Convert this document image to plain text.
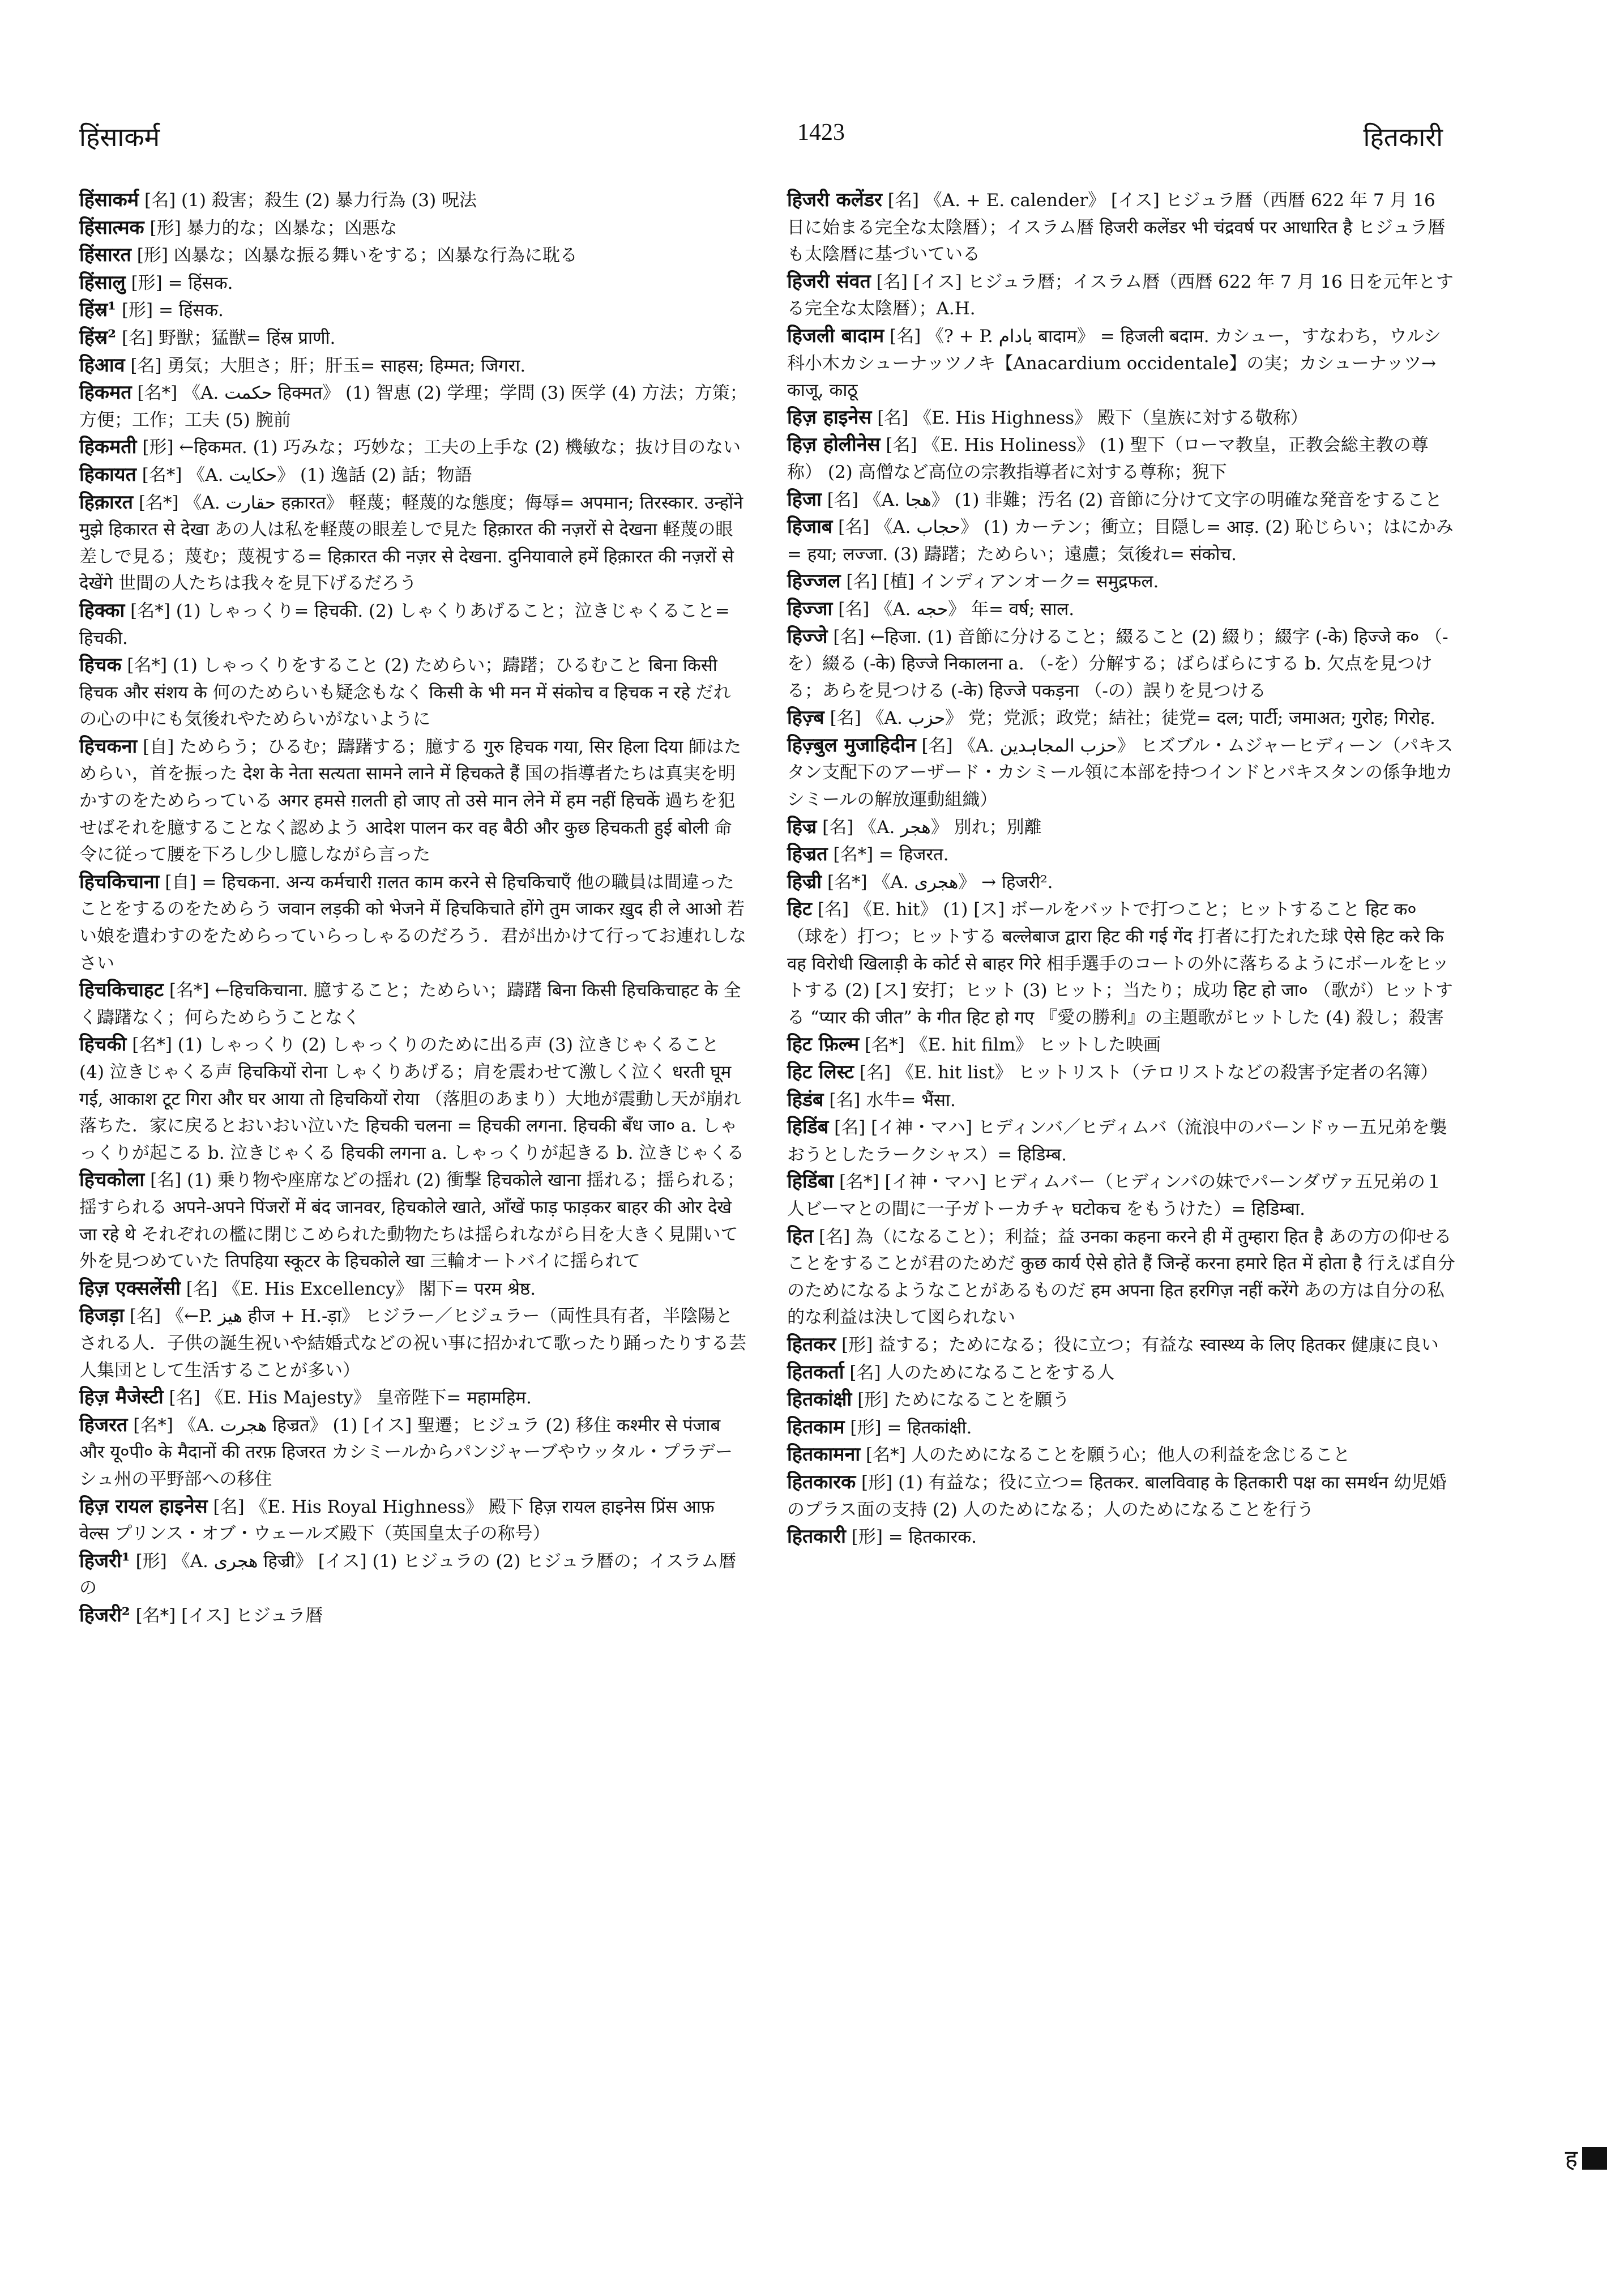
हिंसाकर्म	1423	हितकारी

हिंसाकर्म [名] (1) 殺害；殺生 (2) 暴力行為 (3) 呪法

हिंसात्मक [形] 暴力的な；凶暴な；凶悪な

हिंसारत [形] 凶暴な；凶暴な振る舞いをする；凶暴な行為に耽る

हिंसालु [形] = हिंसक.

हिंस्र¹ [形] = हिंसक.

हिंस्र² [名] 野獣；猛獣= हिंस्र प्राणी.

हिआव [名] 勇気；大胆さ；肝；肝玉= साहस; हिम्मत; जिगरा.

हिकमत [名*] 《A. حکمت हिक्मत》 (1) 智恵 (2) 学理；学問 (3) 医学 (4) 方法；方策；方便；工作；工夫 (5) 腕前

हिकमती [形] ←हिकमत. (1) 巧みな；巧妙な；工夫の上手な (2) 機敏な；抜け目のない

हिकायत [名*] 《A. حکایت》 (1) 逸話 (2) 話；物語

हिक़ारत [名*] 《A. حقارت हक़ारत》 軽蔑；軽蔑的な態度；侮辱= अपमान; तिरस्कार. उन्होंने मुझे हिकारत से देखा あの人は私を軽蔑の眼差しで見た हिक़ारत की नज़रों से देखना 軽蔑の眼差しで見る；蔑む；蔑視する= हिक़ारत की नज़र से देखना. दुनियावाले हमें हिक़ारत की नज़रों से देखेंगे 世間の人たちは我々を見下げるだろう

हिक्का [名*] (1) しゃっくり= हिचकी. (2) しゃくりあげること；泣きじゃくること= हिचकी.

हिचक [名*] (1) しゃっくりをすること (2) ためらい；躊躇；ひるむこと बिना किसी हिचक और संशय के 何のためらいも疑念もなく किसी के भी मन में संकोच व हिचक न रहे だれの心の中にも気後れやためらいがないように

हिचकना [自] ためらう；ひるむ；躊躇する；臆する गुरु हिचक गया, सिर हिला दिया 師はためらい，首を振った देश के नेता सत्यता सामने लाने में हिचकते हैं 国の指導者たちは真実を明かすのをためらっている अगर हमसे ग़लती हो जाए तो उसे मान लेने में हम नहीं हिचकें 過ちを犯せばそれを臆することなく認めよう आदेश पालन कर वह बैठी और कुछ हिचकती हुई बोली 命令に従って腰を下ろし少し臆しながら言った

हिचकिचाना [自] = हिचकना. अन्य कर्मचारी ग़लत काम करने से हिचकिचाएँ 他の職員は間違ったことをするのをためらう जवान लड़की को भेजने में हिचकिचाते होंगे तुम जाकर ख़ुद ही ले आओ 若い娘を遣わすのをためらっていらっしゃるのだろう．君が出かけて行ってお連れしなさい

हिचकिचाहट [名*] ←हिचकिचाना. 臆すること；ためらい；躊躇 बिना किसी हिचकिचाहट के 全く躊躇なく；何らためらうことなく

हिचकी [名*] (1) しゃっくり (2) しゃっくりのために出る声 (3) 泣きじゃくること (4) 泣きじゃくる声 हिचकियों रोना しゃくりあげる；肩を震わせて激しく泣く धरती घूम गई, आकाश टूट गिरा और घर आया तो हिचकियों रोया （落胆のあまり）大地が震動し天が崩れ落ちた．家に戻るとおいおい泣いた हिचकी चलना = हिचकी लगना. हिचकी बँध जा० a. しゃっくりが起こる b. 泣きじゃくる हिचकी लगना a. しゃっくりが起きる b. 泣きじゃくる

हिचकोला [名] (1) 乗り物や座席などの揺れ (2) 衝撃 हिचकोले खाना 揺れる；揺られる；揺すられる अपने-अपने पिंजरों में बंद जानवर, हिचकोले खाते, आँखें फाड़ फाड़कर बाहर की ओर देखे जा रहे थे それぞれの檻に閉じこめられた動物たちは揺られながら目を大きく見開いて外を見つめていた तिपहिया स्कूटर के हिचकोले खा 三輪オートバイに揺られて

हिज़ एक्सलेंसी [名] 《E. His Excellency》 閣下= परम श्रेष्ठ.

हिजड़ा [名] 《←P. هيز हीज + H.-ड़ा》 ヒジラー／ヒジュラー（両性具有者，半陰陽とされる人．子供の誕生祝いや結婚式などの祝い事に招かれて歌ったり踊ったりする芸人集団として生活することが多い）

हिज़ मैजेस्टी [名] 《E. His Majesty》 皇帝陛下= महामहिम.

हिजरत [名*] 《A. هجرت हिज्रत》 (1) [イス] 聖遷；ヒジュラ (2) 移住 कश्मीर से पंजाब और यू०पी० के मैदानों की तरफ़ हिजरत カシミールからパンジャーブやウッタル・プラデーシュ州の平野部への移住

हिज़ रायल हाइनेस [名] 《E. His Royal Highness》 殿下 हिज़ रायल हाइनेस प्रिंस आफ़ वेल्स プリンス・オブ・ウェールズ殿下（英国皇太子の称号）

हिजरी¹ [形] 《A. هجری हिज्री》 [イス] (1) ヒジュラの (2) ヒジュラ暦の；イスラム暦の

हिजरी² [名*] [イス] ヒジュラ暦

हिजरी कलेंडर [名] 《A. + E. calender》 [イス] ヒジュラ暦（西暦 622 年 7 月 16 日に始まる完全な太陰暦）；イスラム暦 हिजरी कलेंडर भी चंद्रवर्ष पर आधारित है ヒジュラ暦も太陰暦に基づいている

हिजरी संवत [名] [イス] ヒジュラ暦；イスラム暦（西暦 622 年 7 月 16 日を元年とする完全な太陰暦）；A.H.

हिजली बादाम [名] 《? + P. بادام बादाम》 = हिजली बदाम. カシュー，すなわち，ウルシ科小木カシューナッツノキ【Anacardium occidentale】の実；カシューナッツ→ काजू, काठू

हिज़ हाइनेस [名] 《E. His Highness》 殿下（皇族に対する敬称）

हिज़ होलीनेस [名] 《E. His Holiness》 (1) 聖下（ローマ教皇，正教会総主教の尊称） (2) 高僧など高位の宗教指導者に対する尊称；猊下

हिजा [名] 《A. هجا》 (1) 非難；汚名 (2) 音節に分けて文字の明確な発音をすること

हिजाब [名] 《A. حجاب》 (1) カーテン；衝立；目隠し= आड़. (2) 恥じらい；はにかみ= हया; लज्जा. (3) 躊躇；ためらい；遠慮；気後れ= संकोच.

हिज्जल [名] [植] インディアンオーク= समुद्रफल.

हिज्जा [名] 《A. حجه》 年= वर्ष; साल.

हिज्जे [名] ←हिजा. (1) 音節に分けること；綴ること (2) 綴り；綴字 (-के) हिज्जे क० （-を）綴る (-के) हिज्जे निकालना a. （-を）分解する；ばらばらにする b. 欠点を見つける；あらを見つける (-के) हिज्जे पकड़ना （-の）誤りを見つける

हिज़्ब [名] 《A. حزب》 党；党派；政党；結社；徒党= दल; पार्टी; जमाअत; गुरोह; गिरोह.

हिज़्बुल मुजाहिदीन [名] 《A. حزب المجاہدین》 ヒズブル・ムジャーヒディーン（パキスタン支配下のアーザード・カシミール領に本部を持つインドとパキスタンの係争地カシミールの解放運動組織）

हिज्र [名] 《A. هجر》 別れ；別離

हिज्रत [名*] = हिजरत.

हिज्री [名*] 《A. هجری》 → हिजरी².

हिट [名] 《E. hit》 (1) [ス] ボールをバットで打つこと；ヒットすること हिट क० （球を）打つ；ヒットする बल्लेबाज द्वारा हिट की गई गेंद 打者に打たれた球 ऐसे हिट करे कि वह विरोधी खिलाड़ी के कोर्ट से बाहर गिरे 相手選手のコートの外に落ちるようにボールをヒットする (2) [ス] 安打；ヒット (3) ヒット；当たり；成功 हिट हो जा० （歌が）ヒットする “प्यार की जीत” के गीत हिट हो गए 『愛の勝利』の主題歌がヒットした (4) 殺し；殺害

हिट फ़िल्म [名*] 《E. hit film》 ヒットした映画

हिट लिस्ट [名] 《E. hit list》 ヒットリスト（テロリストなどの殺害予定者の名簿）

हिडंब [名] 水牛= भैंसा.

हिडिंब [名] [イ神・マハ] ヒディンバ／ヒディムバ（流浪中のパーンドゥー五兄弟を襲おうとしたラークシャス）= हिडिम्ब.

हिडिंबा [名*] [イ神・マハ] ヒディムバー（ヒディンバの妹でパーンダヴァ五兄弟の１人ビーマとの間に一子ガトーカチャ घटोकच をもうけた）= हिडिम्बा.

हित [名] 為（になること）；利益；益 उनका कहना करने ही में तुम्हारा हित है あの方の仰せることをすることが君のためだ कुछ कार्य ऐसे होते हैं जिन्हें करना हमारे हित में होता है 行えば自分のためになるようなことがあるものだ हम अपना हित हरगिज़ नहीं करेंगे あの方は自分の私的な利益は決して図られない

हितकर [形] 益する；ためになる；役に立つ；有益な स्वास्थ्य के लिए हितकर 健康に良い

हितकर्ता [名] 人のためになることをする人

हितकांक्षी [形] ためになることを願う

हितकाम [形] = हितकांक्षी.

हितकामना [名*] 人のためになることを願う心；他人の利益を念じること

हितकारक [形] (1) 有益な；役に立つ= हितकर. बालविवाह के हितकारी पक्ष का समर्थन 幼児婚のプラス面の支持 (2) 人のためになる；人のためになることを行う

हितकारी [形] = हितकारक.

ह
